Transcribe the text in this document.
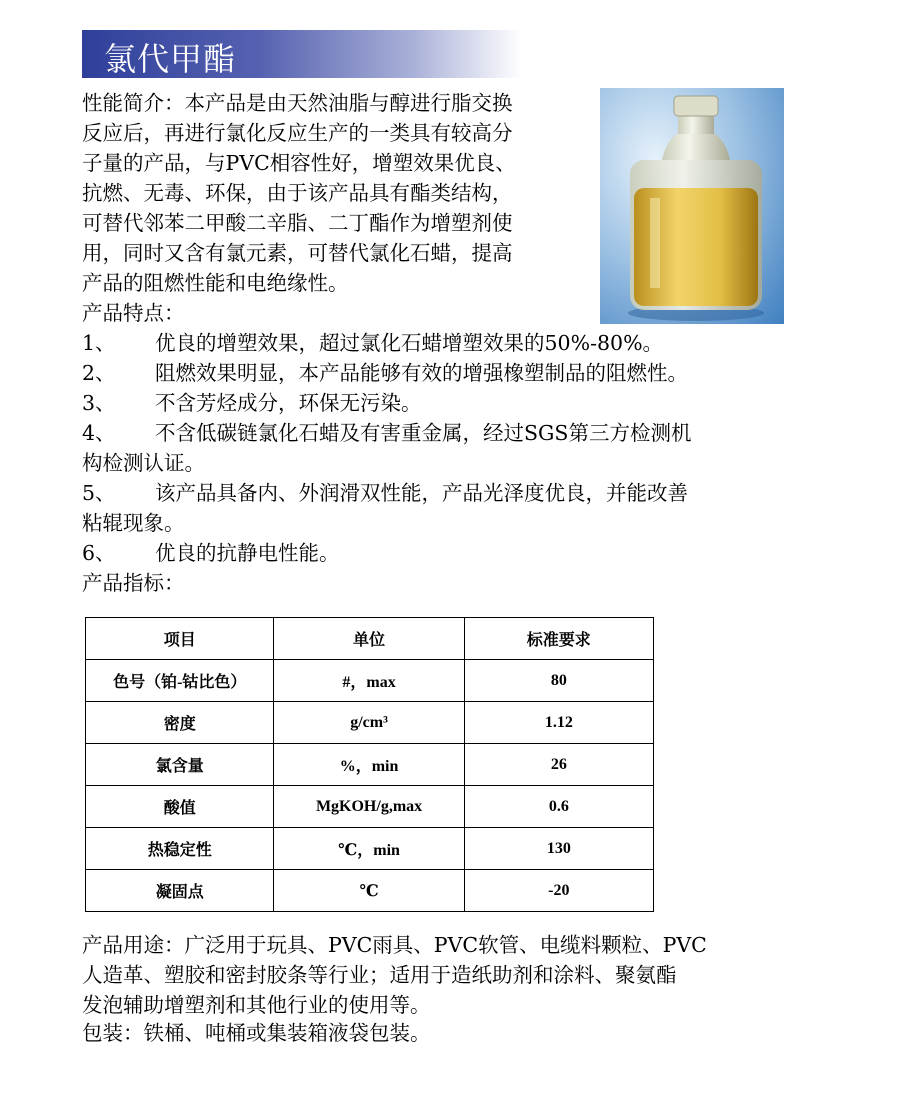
氯代甲酯
性能简介：本产品是由天然油脂与醇进行脂交换
反应后，再进行氯化反应生产的一类具有较高分
子量的产品，与PVC相容性好，增塑效果优良、
抗燃、无毒、环保，由于该产品具有酯类结构，
可替代邻苯二甲酸二辛脂、二丁酯作为增塑剂使
用，同时又含有氯元素，可替代氯化石蜡，提高
产品的阻燃性能和电绝缘性。
产品特点：
1、 优良的增塑效果，超过氯化石蜡增塑效果的50%-80%。
2、 阻燃效果明显，本产品能够有效的增强橡塑制品的阻燃性。
3、 不含芳烃成分，环保无污染。
4、 不含低碳链氯化石蜡及有害重金属，经过SGS第三方检测机
构检测认证。
5、 该产品具备内、外润滑双性能，产品光泽度优良，并能改善
粘辊现象。
6、 优良的抗静电性能。
产品指标：
项目	单位	标准要求
色号（铂-钴比色）	#，max	80
密度	g/cm³	1.12
氯含量	%，min	26
酸值	MgKOH/g,max	0.6
热稳定性	℃，min	130
凝固点	℃	-20
产品用途：广泛用于玩具、PVC雨具、PVC软管、电缆料颗粒、PVC
人造革、塑胶和密封胶条等行业；适用于造纸助剂和涂料、聚氨酯
发泡辅助增塑剂和其他行业的使用等。
包装：铁桶、吨桶或集装箱液袋包装。
